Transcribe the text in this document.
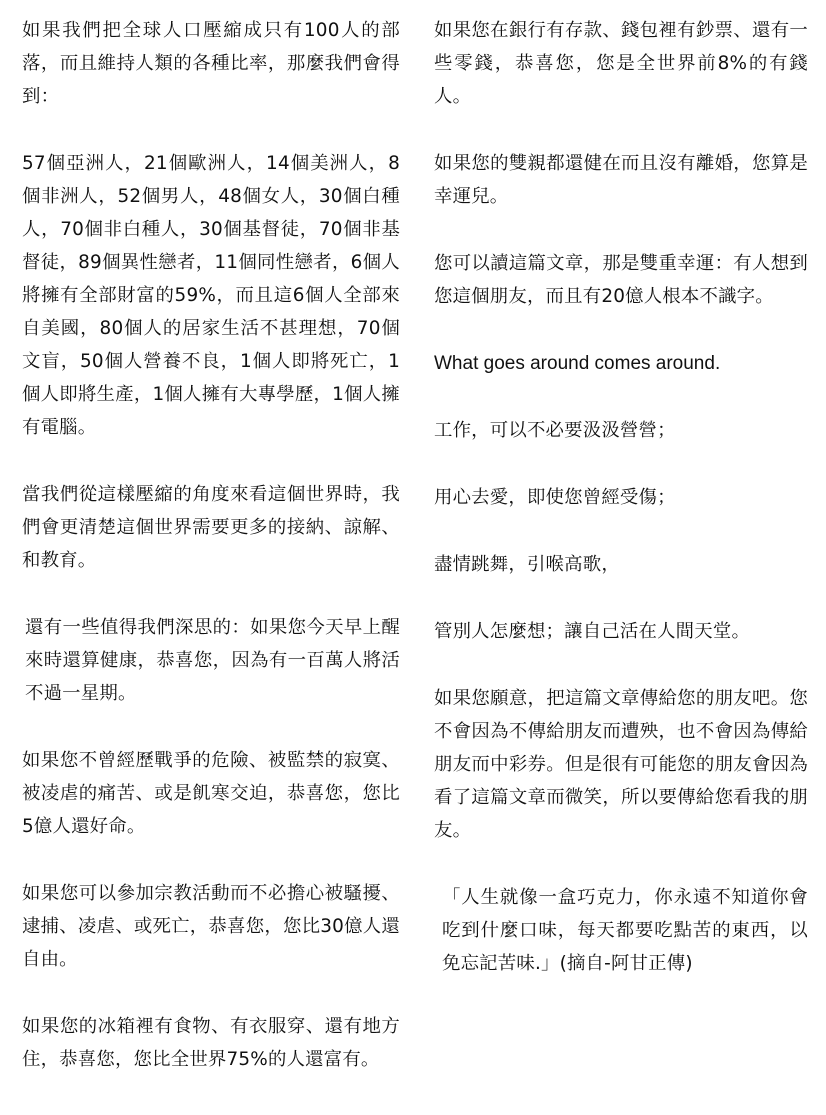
如果我們把全球人口壓縮成只有100人的部落，而且維持人類的各種比率，那麼我們會得到：

57個亞洲人，21個歐洲人，14個美洲人，8個非洲人，52個男人，48個女人，30個白種人，70個非白種人，30個基督徒，70個非基督徒，89個異性戀者，11個同性戀者，6個人將擁有全部財富的59%，而且這6個人全部來自美國，80個人的居家生活不甚理想，70個文盲，50個人營養不良，1個人即將死亡，1個人即將生產，1個人擁有大專學歷，1個人擁有電腦。

當我們從這樣壓縮的角度來看這個世界時，我們會更清楚這個世界需要更多的接納、諒解、和教育。

還有一些值得我們深思的：如果您今天早上醒來時還算健康，恭喜您，因為有一百萬人將活不過一星期。

如果您不曾經歷戰爭的危險、被監禁的寂寞、被凌虐的痛苦、或是飢寒交迫，恭喜您，您比5億人還好命。

如果您可以參加宗教活動而不必擔心被騷擾、逮捕、凌虐、或死亡，恭喜您，您比30億人還自由。

如果您的冰箱裡有食物、有衣服穿、還有地方住，恭喜您，您比全世界75%的人還富有。

如果您在銀行有存款、錢包裡有鈔票、還有一些零錢，恭喜您，您是全世界前8%的有錢人。

如果您的雙親都還健在而且沒有離婚，您算是幸運兒。

您可以讀這篇文章，那是雙重幸運：有人想到您這個朋友，而且有20億人根本不識字。

What goes around comes around.

工作，可以不必要汲汲營營；

用心去愛，即使您曾經受傷；

盡情跳舞，引喉高歌，

管別人怎麼想；讓自己活在人間天堂。

如果您願意，把這篇文章傳給您的朋友吧。您不會因為不傳給朋友而遭殃，也不會因為傳給朋友而中彩券。但是很有可能您的朋友會因為看了這篇文章而微笑，所以要傳給您看我的朋友。

「人生就像一盒巧克力，你永遠不知道你會吃到什麼口味，每天都要吃點苦的東西，以免忘記苦味.」(摘自-阿甘正傳)
